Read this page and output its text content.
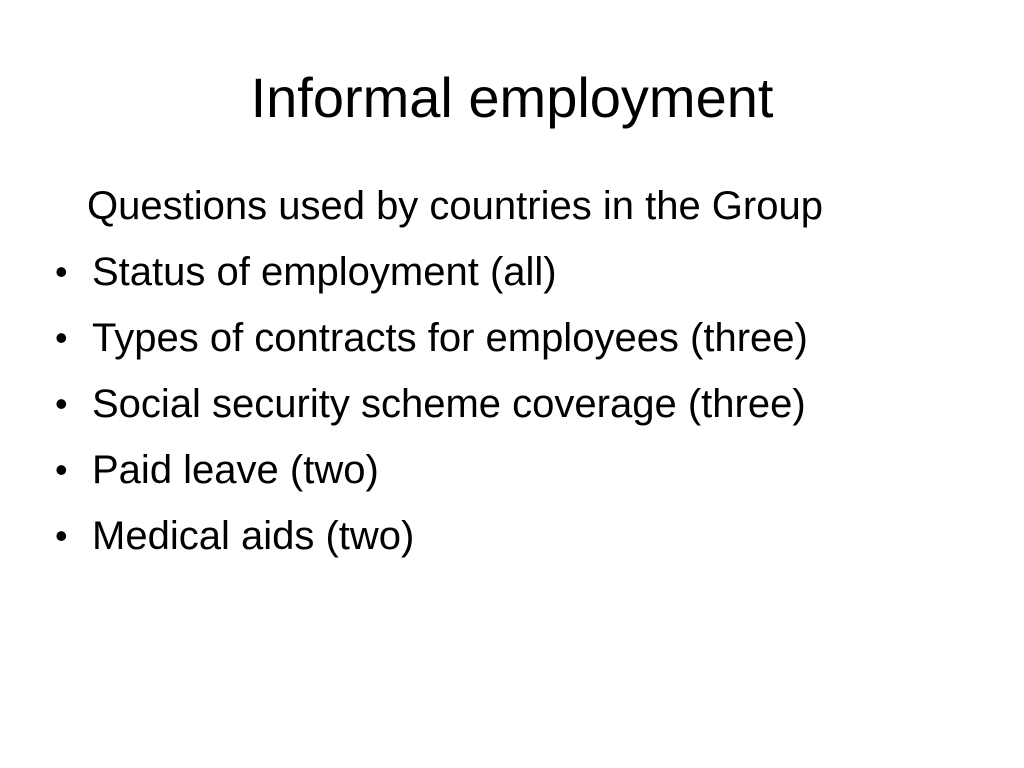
Informal employment
Questions used by countries in the Group
• Status of employment (all)
• Types of contracts for employees (three)
• Social security scheme coverage (three)
• Paid leave (two)
• Medical aids (two)
